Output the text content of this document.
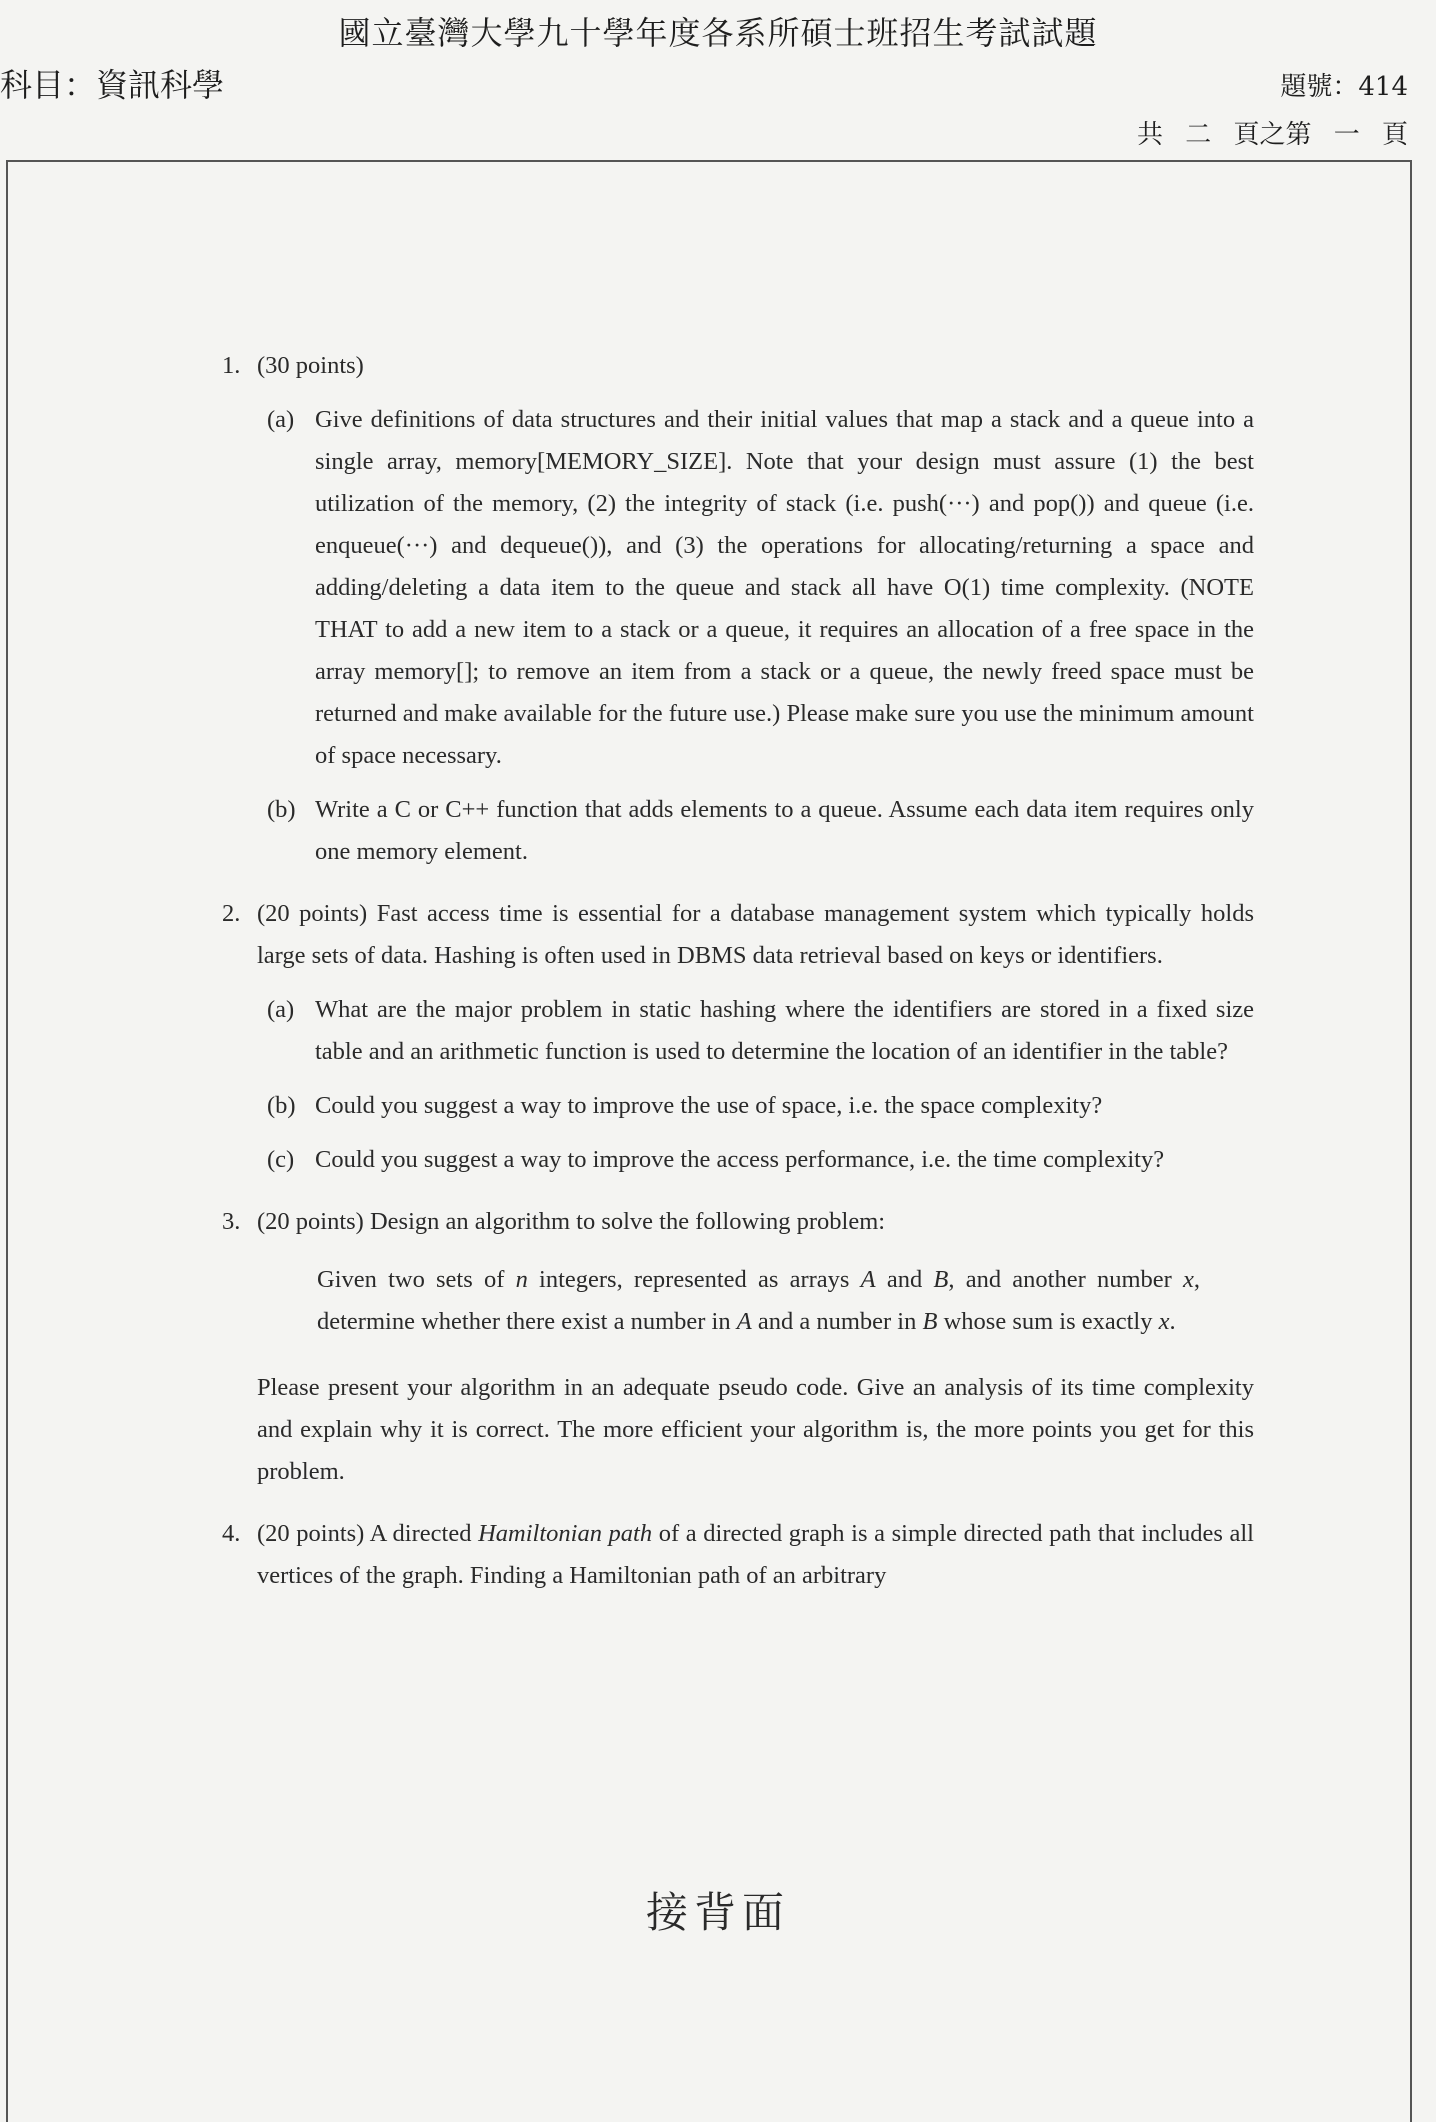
國立臺灣大學九十學年度各系所碩士班招生考試試題
科目：資訊科學	題號：414
共 二 頁之第 一 頁
1. (30 points)
(a) Give definitions of data structures and their initial values that map a stack and a queue into a single array, memory[MEMORY_SIZE]. Note that your design must assure (1) the best utilization of the memory, (2) the integrity of stack (i.e. push(···) and pop()) and queue (i.e. enqueue(···) and dequeue()), and (3) the operations for allocating/returning a space and adding/deleting a data item to the queue and stack all have O(1) time complexity. (NOTE THAT to add a new item to a stack or a queue, it requires an allocation of a free space in the array memory[]; to remove an item from a stack or a queue, the newly freed space must be returned and make available for the future use.) Please make sure you use the minimum amount of space necessary.
(b) Write a C or C++ function that adds elements to a queue. Assume each data item requires only one memory element.
2. (20 points) Fast access time is essential for a database management system which typically holds large sets of data. Hashing is often used in DBMS data retrieval based on keys or identifiers.
(a) What are the major problem in static hashing where the identifiers are stored in a fixed size table and an arithmetic function is used to determine the location of an identifier in the table?
(b) Could you suggest a way to improve the use of space, i.e. the space complexity?
(c) Could you suggest a way to improve the access performance, i.e. the time complexity?
3. (20 points) Design an algorithm to solve the following problem:
Given two sets of n integers, represented as arrays A and B, and another number x, determine whether there exist a number in A and a number in B whose sum is exactly x.
Please present your algorithm in an adequate pseudo code. Give an analysis of its time complexity and explain why it is correct. The more efficient your algorithm is, the more points you get for this problem.
4. (20 points) A directed Hamiltonian path of a directed graph is a simple directed path that includes all vertices of the graph. Finding a Hamiltonian path of an arbitrary
接背面
